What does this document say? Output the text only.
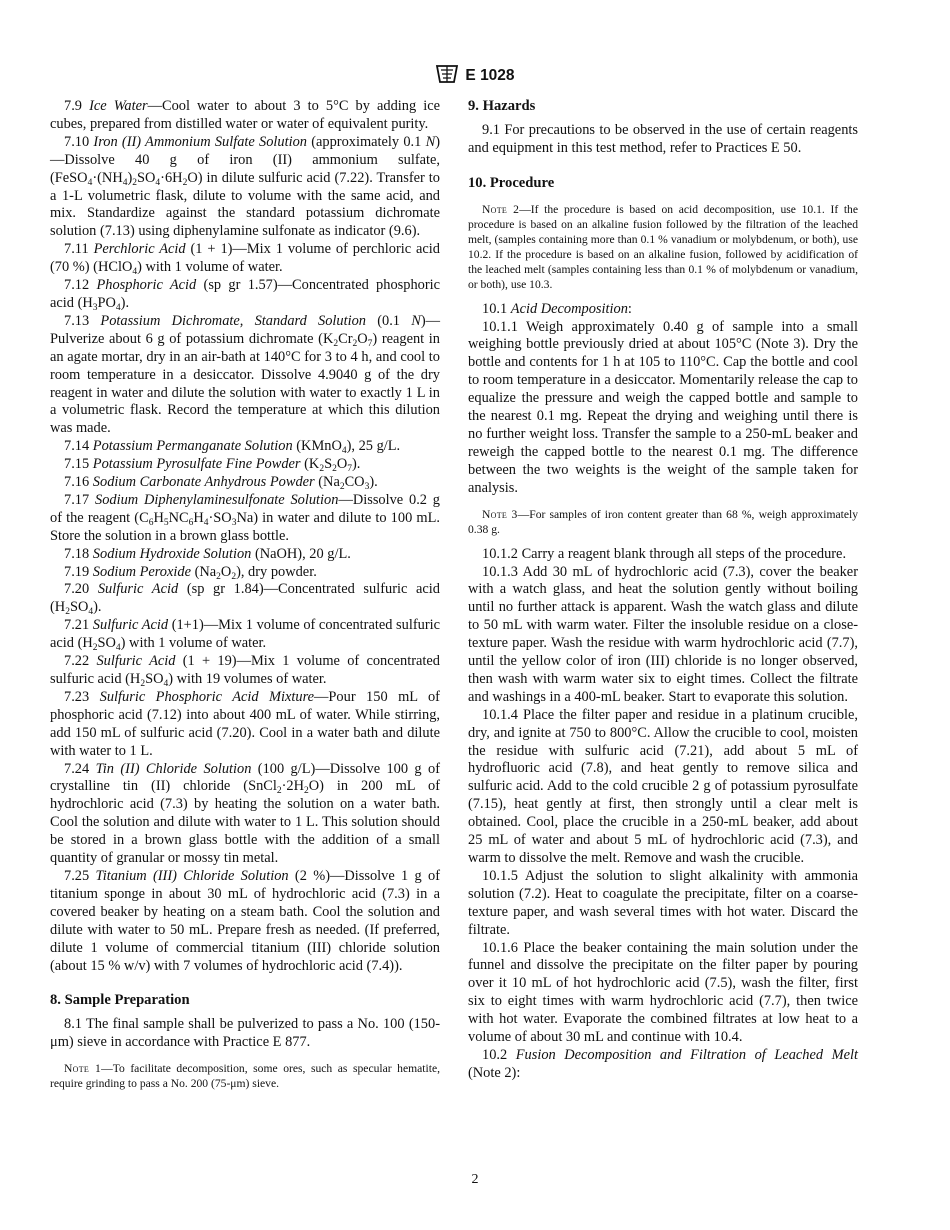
E 1028

7.9 Ice Water—Cool water to about 3 to 5°C by adding ice cubes, prepared from distilled water or water of equivalent purity.

7.10 Iron (II) Ammonium Sulfate Solution (approximately 0.1 N)—Dissolve 40 g of iron (II) ammonium sulfate, $(FeSO_4\cdot(NH_4)_2SO_4\cdot 6H_2O)$ in dilute sulfuric acid (7.22). Transfer to a 1-L volumetric flask, dilute to volume with the same acid, and mix. Standardize against the standard potassium dichromate solution (7.13) using diphenylamine sulfonate as indicator (9.6).

7.11 Perchloric Acid (1 + 1)—Mix 1 volume of perchloric acid (70 %) (HClO$_4$) with 1 volume of water.

7.12 Phosphoric Acid (sp gr 1.57)—Concentrated phosphoric acid $(H_3PO_4)$.

7.13 Potassium Dichromate, Standard Solution (0.1 N)—Pulverize about 6 g of potassium dichromate $(K_2Cr_2O_7)$ reagent in an agate mortar, dry in an air-bath at 140°C for 3 to 4 h, and cool to room temperature in a desiccator. Dissolve 4.9040 g of the dry reagent in water and dilute the solution with water to exactly 1 L in a volumetric flask. Record the temperature at which this dilution was made.

7.14 Potassium Permanganate Solution (KMnO$_4$), 25 g/L.

7.15 Potassium Pyrosulfate Fine Powder $(K_2S_2O_7)$.

7.16 Sodium Carbonate Anhydrous Powder $(Na_2CO_3)$.

7.17 Sodium Diphenylaminesulfonate Solution—Dissolve 0.2 g of the reagent $(C_6H_5NC_6H_4\cdot SO_3Na)$ in water and dilute to 100 mL. Store the solution in a brown glass bottle.

7.18 Sodium Hydroxide Solution (NaOH), 20 g/L.

7.19 Sodium Peroxide $(Na_2O_2)$, dry powder.

7.20 Sulfuric Acid (sp gr 1.84)—Concentrated sulfuric acid $(H_2SO_4)$.

7.21 Sulfuric Acid (1+1)—Mix 1 volume of concentrated sulfuric acid $(H_2SO_4)$ with 1 volume of water.

7.22 Sulfuric Acid (1 + 19)—Mix 1 volume of concentrated sulfuric acid $(H_2SO_4)$ with 19 volumes of water.

7.23 Sulfuric Phosphoric Acid Mixture—Pour 150 mL of phosphoric acid (7.12) into about 400 mL of water. While stirring, add 150 mL of sulfuric acid (7.20). Cool in a water bath and dilute with water to 1 L.

7.24 Tin (II) Chloride Solution (100 g/L)—Dissolve 100 g of crystalline tin (II) chloride $(SnCl_2\cdot 2H_2O)$ in 200 mL of hydrochloric acid (7.3) by heating the solution on a water bath. Cool the solution and dilute with water to 1 L. This solution should be stored in a brown glass bottle with the addition of a small quantity of granular or mossy tin metal.

7.25 Titanium (III) Chloride Solution (2 %)—Dissolve 1 g of titanium sponge in about 30 mL of hydrochloric acid (7.3) in a covered beaker by heating on a steam bath. Cool the solution and dilute with water to 50 mL. Prepare fresh as needed. (If preferred, dilute 1 volume of commercial titanium (III) chloride solution (about 15 % w/v) with 7 volumes of hydrochloric acid (7.4)).

8. Sample Preparation

8.1 The final sample shall be pulverized to pass a No. 100 (150-μm) sieve in accordance with Practice E 877.

Note 1—To facilitate decomposition, some ores, such as specular hematite, require grinding to pass a No. 200 (75-μm) sieve.

9. Hazards

9.1 For precautions to be observed in the use of certain reagents and equipment in this test method, refer to Practices E 50.

10. Procedure

Note 2—If the procedure is based on acid decomposition, use 10.1. If the procedure is based on an alkaline fusion followed by the filtration of the leached melt, (samples containing more than 0.1 % vanadium or molybdenum, or both), use 10.2. If the procedure is based on an alkaline fusion, followed by acidification of the leached melt (samples containing less than 0.1 % of molybdenum or vanadium, or both), use 10.3.

10.1 Acid Decomposition:

10.1.1 Weigh approximately 0.40 g of sample into a small weighing bottle previously dried at about 105°C (Note 3). Dry the bottle and contents for 1 h at 105 to 110°C. Cap the bottle and cool to room temperature in a desiccator. Momentarily release the cap to equalize the pressure and weigh the capped bottle and sample to the nearest 0.1 mg. Repeat the drying and weighing until there is no further weight loss. Transfer the sample to a 250-mL beaker and reweigh the capped bottle to the nearest 0.1 mg. The difference between the two weights is the weight of the sample taken for analysis.

Note 3—For samples of iron content greater than 68 %, weigh approximately 0.38 g.

10.1.2 Carry a reagent blank through all steps of the procedure.

10.1.3 Add 30 mL of hydrochloric acid (7.3), cover the beaker with a watch glass, and heat the solution gently without boiling until no further attack is apparent. Wash the watch glass and dilute to 50 mL with warm water. Filter the insoluble residue on a close-texture paper. Wash the residue with warm hydrochloric acid (7.7), until the yellow color of iron (III) chloride is no longer observed, then wash with warm water six to eight times. Collect the filtrate and washings in a 400-mL beaker. Start to evaporate this solution.

10.1.4 Place the filter paper and residue in a platinum crucible, dry, and ignite at 750 to 800°C. Allow the crucible to cool, moisten the residue with sulfuric acid (7.21), add about 5 mL of hydrofluoric acid (7.8), and heat gently to remove silica and sulfuric acid. Add to the cold crucible 2 g of potassium pyrosulfate (7.15), heat gently at first, then strongly until a clear melt is obtained. Cool, place the crucible in a 250-mL beaker, add about 25 mL of water and about 5 mL of hydrochloric acid (7.3), and warm to dissolve the melt. Remove and wash the crucible.

10.1.5 Adjust the solution to slight alkalinity with ammonia solution (7.2). Heat to coagulate the precipitate, filter on a coarse-texture paper, and wash several times with hot water. Discard the filtrate.

10.1.6 Place the beaker containing the main solution under the funnel and dissolve the precipitate on the filter paper by pouring over it 10 mL of hot hydrochloric acid (7.5), wash the filter, first six to eight times with warm hydrochloric acid (7.7), then twice with hot water. Evaporate the combined filtrates at low heat to a volume of about 30 mL and continue with 10.4.

10.2 Fusion Decomposition and Filtration of Leached Melt (Note 2):

2
